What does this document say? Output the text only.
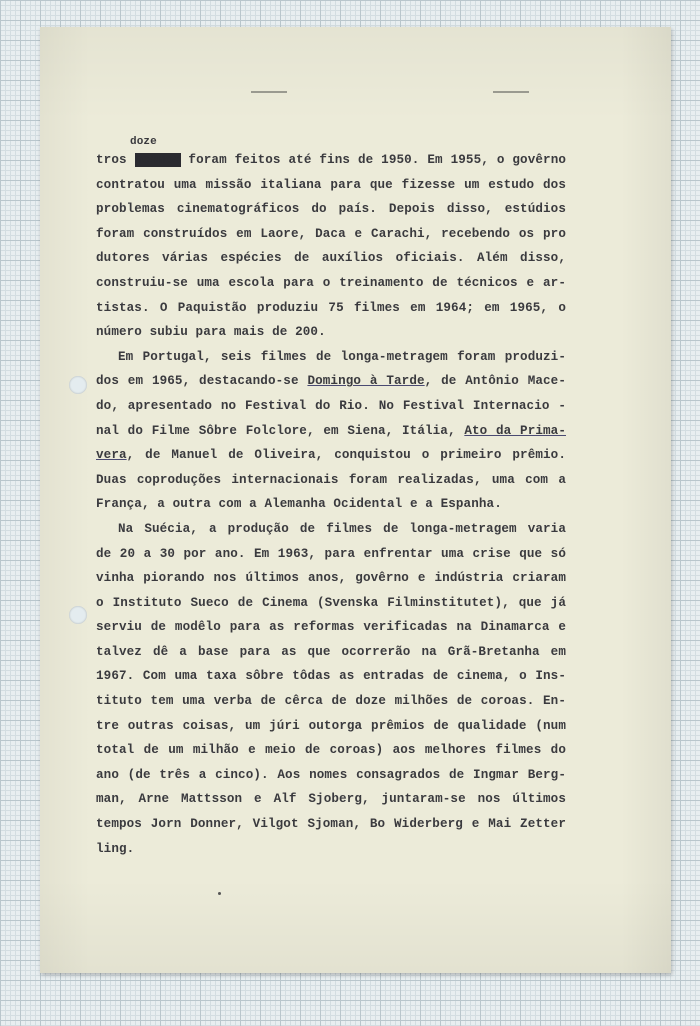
tros mesmos foram feitos até fins de 1950. Em 1955, o govêrno
doze
contratou uma missão italiana para que fizesse um estudo dos
problemas cinematográficos do país. Depois disso, estúdios
foram construídos em Laore, Daca e Carachi, recebendo os pro
dutores várias espécies de auxílios oficiais. Além disso,
construiu-se uma escola para o treinamento de técnicos e ar-
tistas. O Paquistão produziu 75 filmes em 1964; em 1965, o
número subiu para mais de 200.
Em Portugal, seis filmes de longa-metragem foram produzi-
dos em 1965, destacando-se Domingo à Tarde, de Antônio Mace-
do, apresentado no Festival do Rio. No Festival Internacio -
nal do Filme Sôbre Folclore, em Siena, Itália, Ato da Prima-
vera, de Manuel de Oliveira, conquistou o primeiro prêmio.
Duas coproduções internacionais foram realizadas, uma com a
França, a outra com a Alemanha Ocidental e a Espanha.
Na Suécia, a produção de filmes de longa-metragem varia
de 20 a 30 por ano. Em 1963, para enfrentar uma crise que só
vinha piorando nos últimos anos, govêrno e indústria criaram
o Instituto Sueco de Cinema (Svenska Filminstitutet), que já
serviu de modêlo para as reformas verificadas na Dinamarca e
talvez dê a base para as que ocorrerão na Grã-Bretanha em
1967. Com uma taxa sôbre tôdas as entradas de cinema, o Ins-
tituto tem uma verba de cêrca de doze milhões de coroas. En-
tre outras coisas, um júri outorga prêmios de qualidade (num
total de um milhão e meio de coroas) aos melhores filmes do
ano (de três a cinco). Aos nomes consagrados de Ingmar Berg-
man, Arne Mattsson e Alf Sjoberg, juntaram-se nos últimos
tempos Jorn Donner, Vilgot Sjoman, Bo Widerberg e Mai Zetter
ling.
